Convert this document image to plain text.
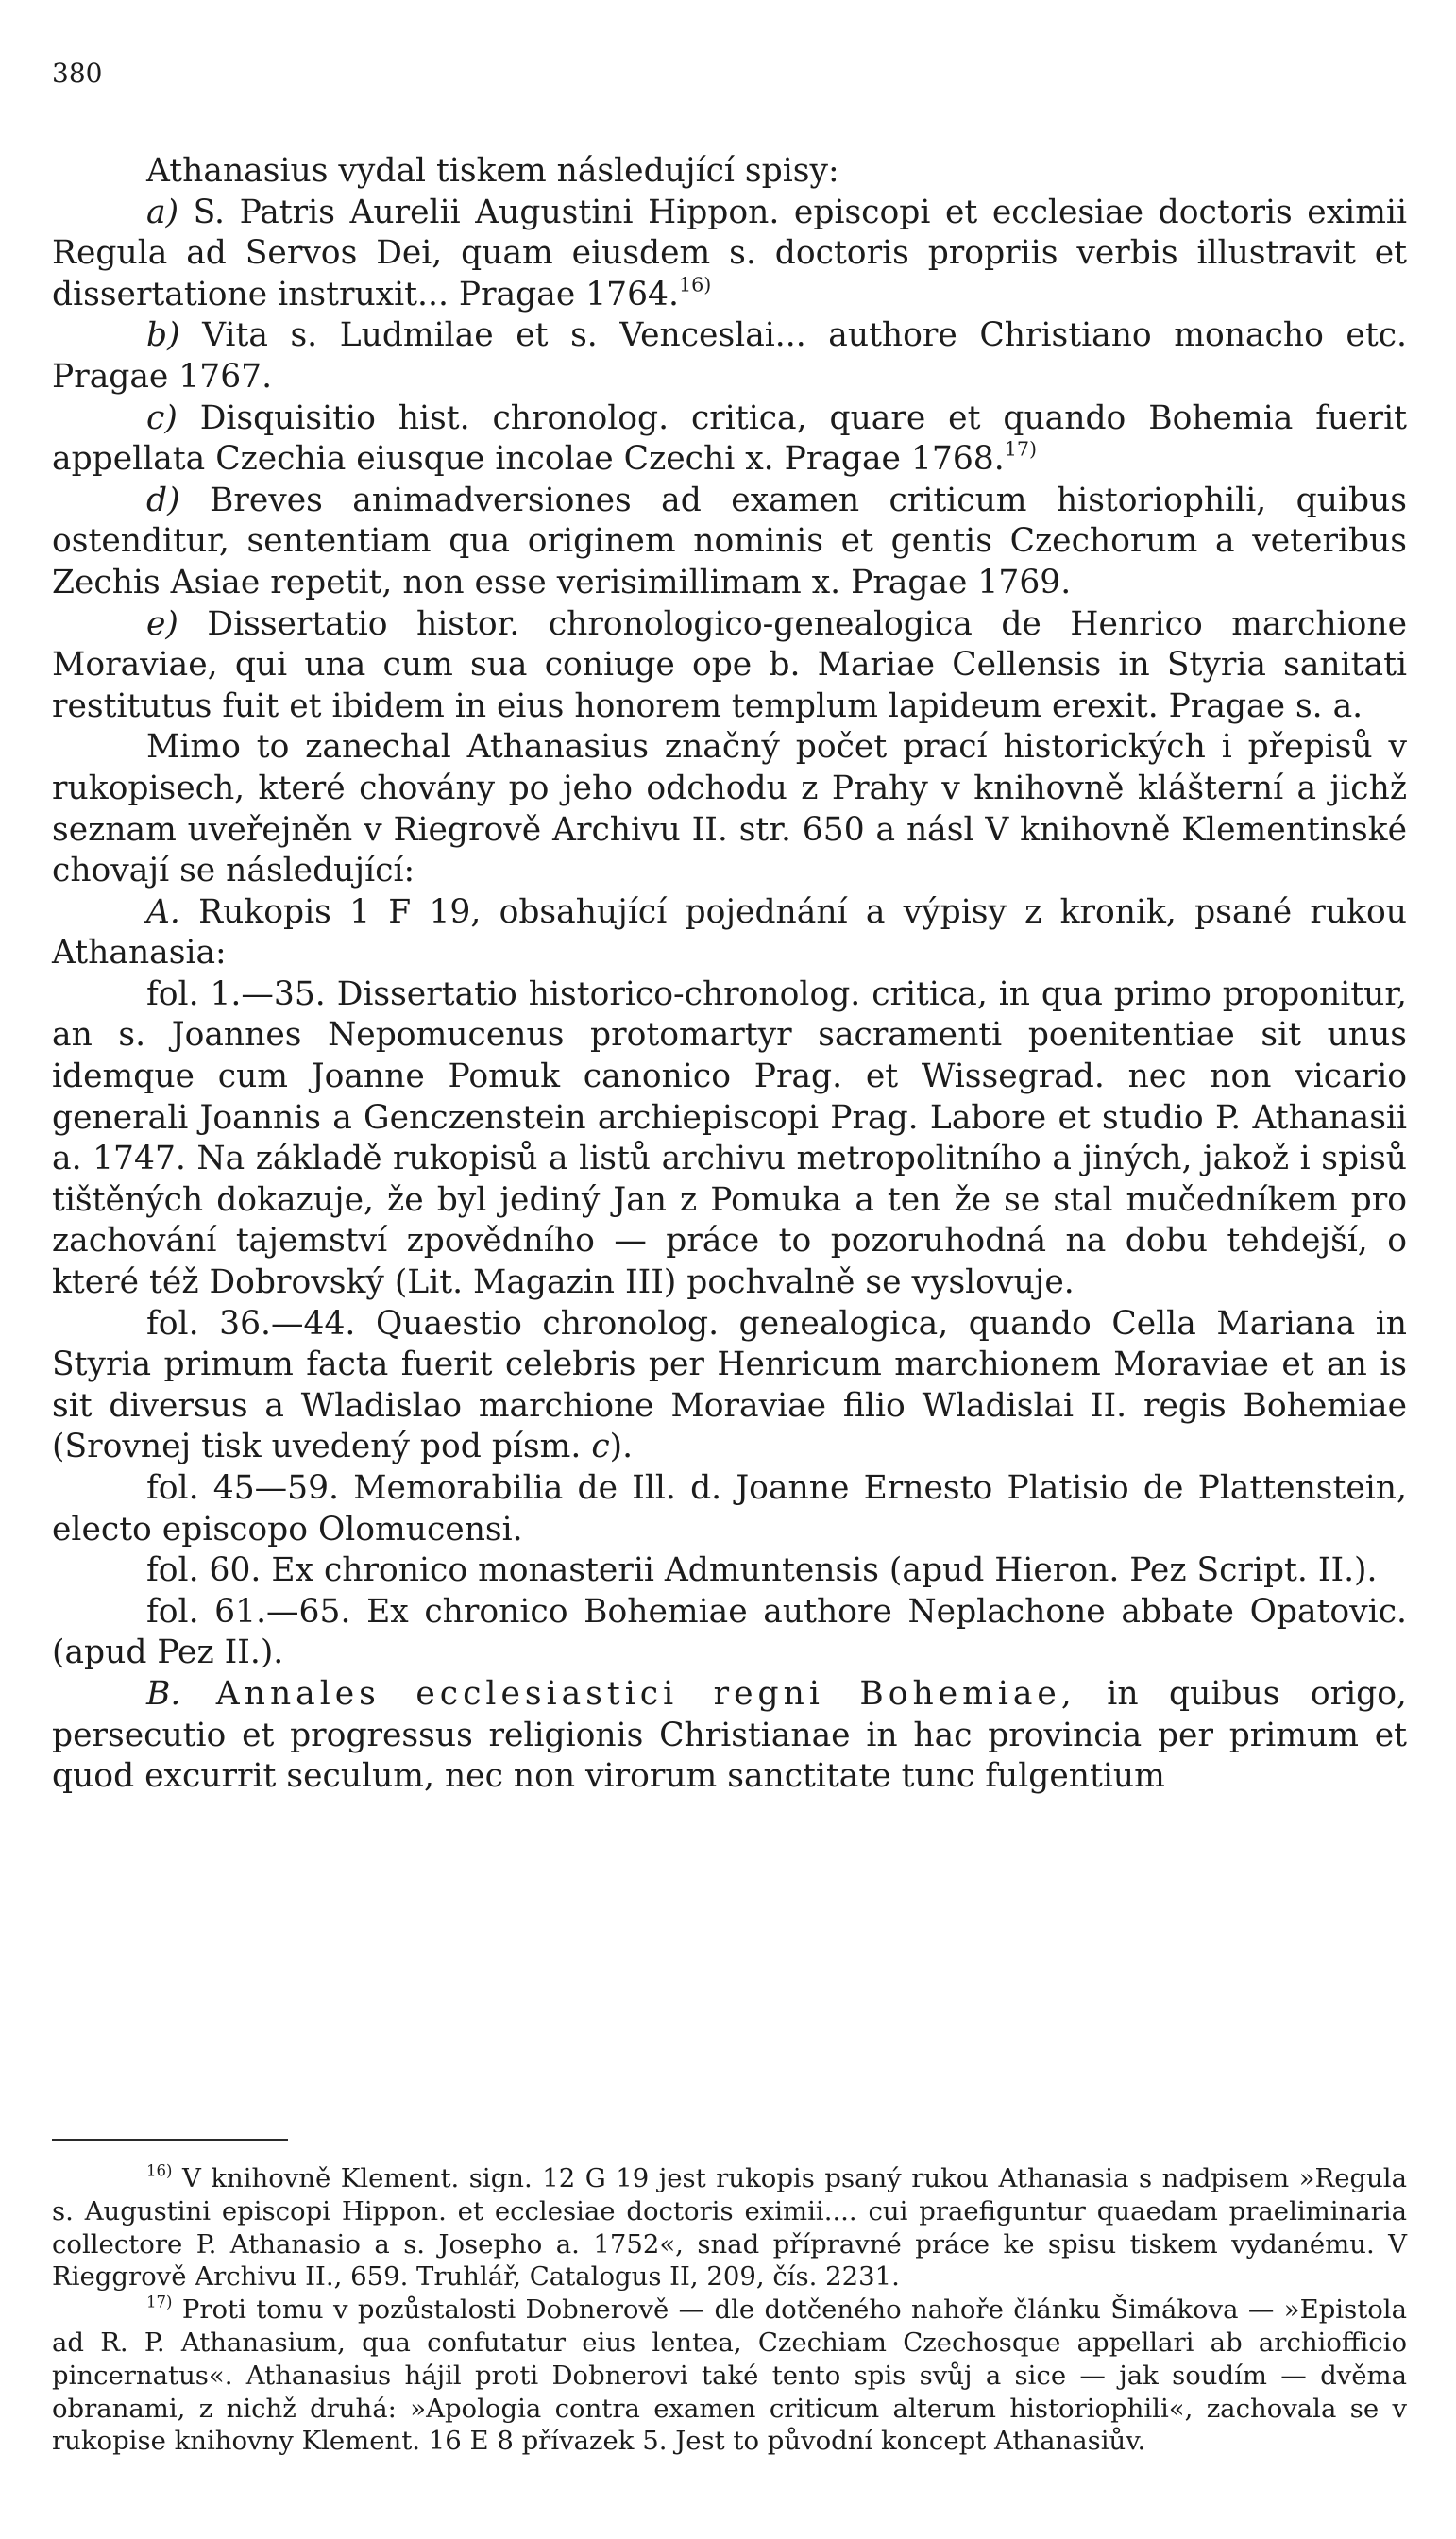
380

Athanasius vydal tiskem následující spisy:

a) S. Patris Aurelii Augustini Hippon. episcopi et ecclesiae doctoris eximii Regula ad Servos Dei, quam eiusdem s. doctoris propriis verbis illustravit et dissertatione instruxit... Pragae 1764.$^{16)}$

b) Vita s. Ludmilae et s. Venceslai... authore Christiano monacho etc. Pragae 1767.

c) Disquisitio hist. chronolog. critica, quare et quando Bohemia fuerit appellata Czechia eiusque incolae Czechi x. Pragae 1768.$^{17)}$

d) Breves animadversiones ad examen criticum historiophili, quibus ostenditur, sententiam qua originem nominis et gentis Czechorum a veteribus Zechis Asiae repetit, non esse verisimillimam x. Pragae 1769.

e) Dissertatio histor. chronologico-genealogica de Henrico marchione Moraviae, qui una cum sua coniuge ope b. Mariae Cellensis in Styria sanitati restitutus fuit et ibidem in eius honorem templum lapideum erexit. Pragae s. a.

Mimo to zanechal Athanasius značný počet prací historických i přepisů v rukopisech, které chovány po jeho odchodu z Prahy v knihovně klášterní a jichž seznam uveřejněn v Riegrově Archivu II. str. 650 a násl V knihovně Klementinské chovají se následující:

A. Rukopis 1 F 19, obsahující pojednání a výpisy z kronik, psané rukou Athanasia:

fol. 1.—35. Dissertatio historico-chronolog. critica, in qua primo proponitur, an s. Joannes Nepomucenus protomartyr sacramenti poenitentiae sit unus idemque cum Joanne Pomuk canonico Prag. et Wissegrad. nec non vicario generali Joannis a Genczenstein archiepiscopi Prag. Labore et studio P. Athanasii a. 1747. Na základě rukopisů a listů archivu metropolitního a jiných, jakož i spisů tištěných dokazuje, že byl jediný Jan z Pomuka a ten že se stal mučedníkem pro zachování tajemství zpovědního — práce to pozoruhodná na dobu tehdejší, o které též Dobrovský (Lit. Magazin III) pochvalně se vyslovuje.

fol. 36.—44. Quaestio chronolog. genealogica, quando Cella Mariana in Styria primum facta fuerit celebris per Henricum marchionem Moraviae et an is sit diversus a Wladislao marchione Moraviae filio Wladislai II. regis Bohemiae (Srovnej tisk uvedený pod písm. c).

fol. 45—59. Memorabilia de Ill. d. Joanne Ernesto Platisio de Plattenstein, electo episcopo Olomucensi.

fol. 60. Ex chronico monasterii Admuntensis (apud Hieron. Pez Script. II.).

fol. 61.—65. Ex chronico Bohemiae authore Neplachone abbate Opatovic. (apud Pez II.).

B. Annales ecclesiastici regni Bohemiae, in quibus origo, persecutio et progressus religionis Christianae in hac provincia per primum et quod excurrit seculum, nec non virorum sanctitate tunc fulgentium

$^{16)}$ V knihovně Klement. sign. 12 G 19 jest rukopis psaný rukou Athanasia s nadpisem »Regula s. Augustini episcopi Hippon. et ecclesiae doctoris eximii.... cui praefiguntur quaedam praeliminaria collectore P. Athanasio a s. Josepho a. 1752«, snad přípravné práce ke spisu tiskem vydanému. V Rieggrově Archivu II., 659. Truhlář, Catalogus II, 209, čís. 2231.

$^{17)}$ Proti tomu v pozůstalosti Dobnerově — dle dotčeného nahoře článku Šimákova — »Epistola ad R. P. Athanasium, qua confutatur eius lentea, Czechiam Czechosque appellari ab archiofficio pincernatus«. Athanasius hájil proti Dobnerovi také tento spis svůj a sice — jak soudím — dvěma obranami, z nichž druhá: »Apologia contra examen criticum alterum historiophili«, zachovala se v rukopise knihovny Klement. 16 E 8 přívazek 5. Jest to původní koncept Athanasiův.
